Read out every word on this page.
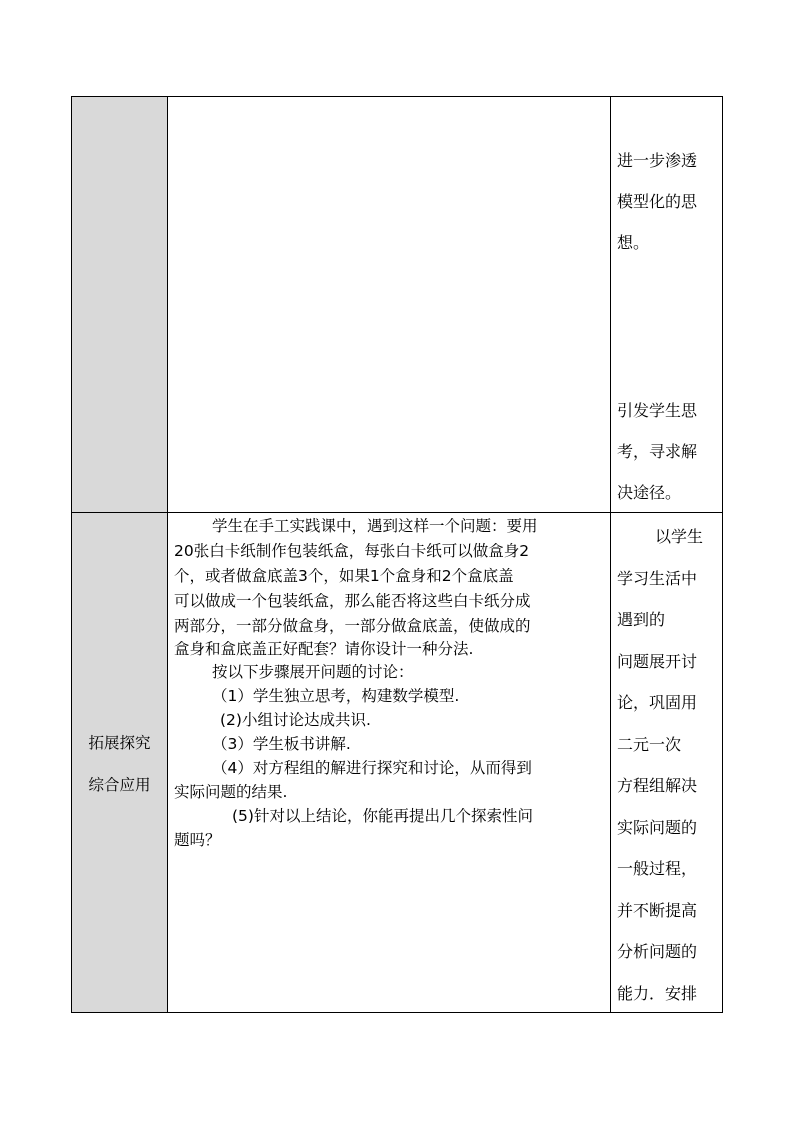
进一步渗透
模型化的思
想。
引发学生思
考，寻求解
决途径。
拓展探究
综合应用
学生在手工实践课中，遇到这样一个问题：要用
20张白卡纸制作包装纸盒，每张白卡纸可以做盒身2
个，或者做盒底盖3个，如果1个盒身和2个盒底盖
可以做成一个包装纸盒，那么能否将这些白卡纸分成
两部分，一部分做盒身，一部分做盒底盖，使做成的
盒身和盒底盖正好配套？请你设计一种分法.
按以下步骤展开问题的讨论：
（1）学生独立思考，构建数学模型.
(2)小组讨论达成共识.
（3）学生板书讲解.
（4）对方程组的解进行探究和讨论，从而得到
实际问题的结果.
(5)针对以上结论，你能再提出几个探索性问
题吗？
以学生
学习生活中
遇到的
问题展开讨
论，巩固用
二元一次
方程组解决
实际问题的
一般过程，
并不断提高
分析问题的
能力．安排
